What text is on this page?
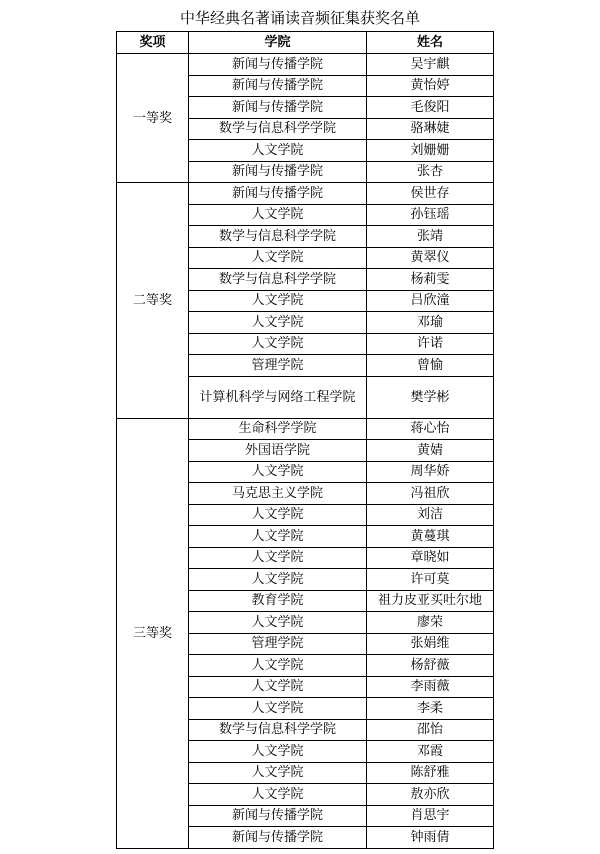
中华经典名著诵读音频征集获奖名单
奖项	学院	姓名
一等奖	新闻与传播学院	吴宇麒
	新闻与传播学院	黄怡婷
	新闻与传播学院	毛俊阳
	数学与信息科学学院	骆琳婕
	人文学院	刘姗姗
	新闻与传播学院	张杏
二等奖	新闻与传播学院	侯世存
	人文学院	孙钰瑶
	数学与信息科学学院	张靖
	人文学院	黄翠仪
	数学与信息科学学院	杨莉雯
	人文学院	吕欣潼
	人文学院	邓瑜
	人文学院	许诺
	管理学院	曾愉
	计算机科学与网络工程学院	樊学彬
三等奖	生命科学学院	蒋心怡
	外国语学院	黄婧
	人文学院	周华娇
	马克思主义学院	冯祖欣
	人文学院	刘洁
	人文学院	黄蔓琪
	人文学院	章晓如
	人文学院	许可莫
	教育学院	祖力皮亚买吐尔地
	人文学院	廖荣
	管理学院	张娟维
	人文学院	杨舒薇
	人文学院	李雨薇
	人文学院	李柔
	数学与信息科学学院	邵怡
	人文学院	邓霞
	人文学院	陈舒雅
	人文学院	敖亦欣
	新闻与传播学院	肖思宇
	新闻与传播学院	钟雨倩
